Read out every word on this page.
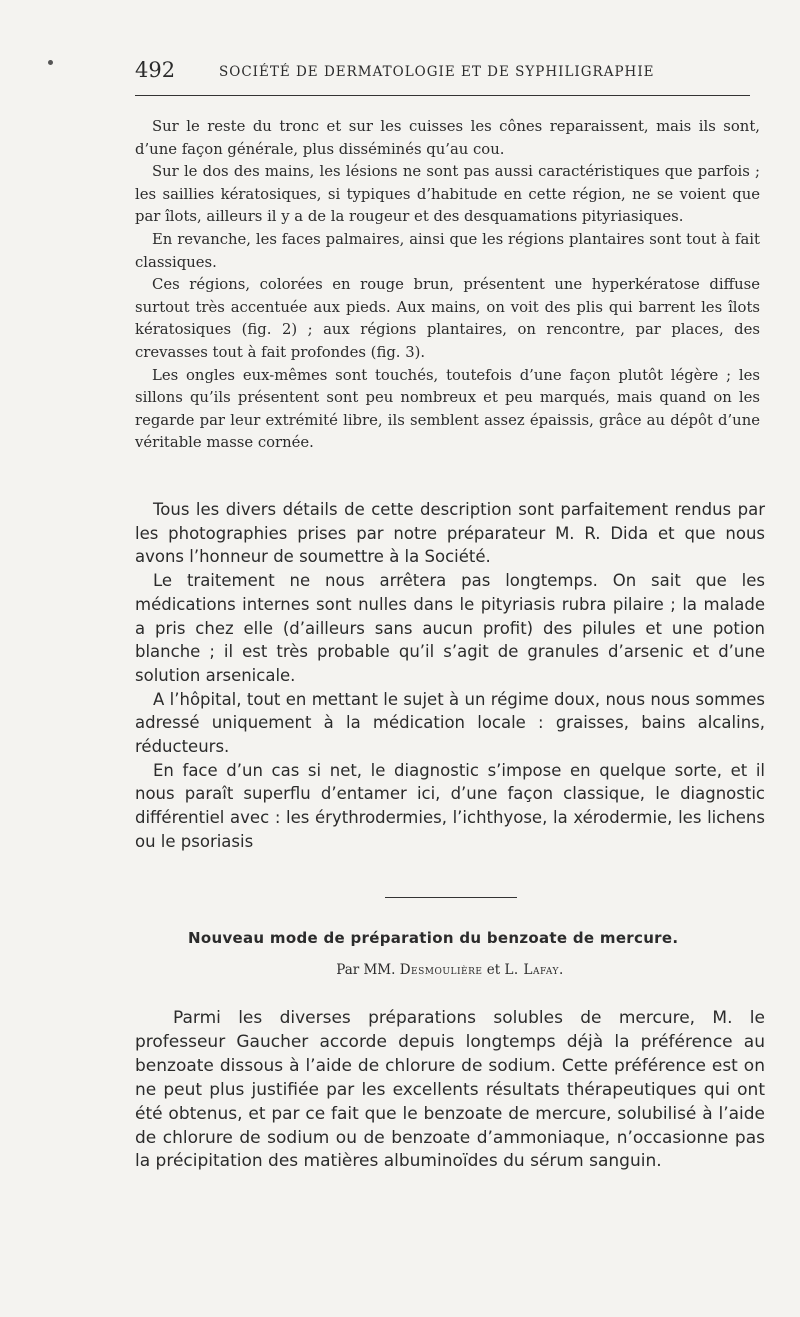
492	SOCIÉTÉ DE DERMATOLOGIE ET DE SYPHILIGRAPHIE

Sur le reste du tronc et sur les cuisses les cônes reparaissent, mais ils sont, d’une façon générale, plus disséminés qu’au cou.

Sur le dos des mains, les lésions ne sont pas aussi caractéristiques que parfois ; les saillies kératosiques, si typiques d’habitude en cette région, ne se voient que par îlots, ailleurs il y a de la rougeur et des desquamations pityriasiques.

En revanche, les faces palmaires, ainsi que les régions plantaires sont tout à fait classiques.

Ces régions, colorées en rouge brun, présentent une hyperkératose diffuse surtout très accentuée aux pieds. Aux mains, on voit des plis qui barrent les îlots kératosiques (fig. 2) ; aux régions plantaires, on rencontre, par places, des crevasses tout à fait profondes (fig. 3).

Les ongles eux-mêmes sont touchés, toutefois d’une façon plutôt légère ; les sillons qu’ils présentent sont peu nombreux et peu marqués, mais quand on les regarde par leur extrémité libre, ils semblent assez épaissis, grâce au dépôt d’une véritable masse cornée.

Tous les divers détails de cette description sont parfaitement rendus par les photographies prises par notre préparateur M. R. Dida et que nous avons l’honneur de soumettre à la Société.

Le traitement ne nous arrêtera pas longtemps. On sait que les médications internes sont nulles dans le pityriasis rubra pilaire ; la malade a pris chez elle (d’ailleurs sans aucun profit) des pilules et une potion blanche ; il est très probable qu’il s’agit de granules d’arsenic et d’une solution arsenicale.

A l’hôpital, tout en mettant le sujet à un régime doux, nous nous sommes adressé uniquement à la médication locale : graisses, bains alcalins, réducteurs.

En face d’un cas si net, le diagnostic s’impose en quelque sorte, et il nous paraît superflu d’entamer ici, d’une façon classique, le diagnostic différentiel avec : les érythrodermies, l’ichthyose, la xérodermie, les lichens ou le psoriasis

Nouveau mode de préparation du benzoate de mercure.
Par MM. Desmoulière et L. Lafay.

Parmi les diverses préparations solubles de mercure, M. le professeur Gaucher accorde depuis longtemps déjà la préférence au benzoate dissous à l’aide de chlorure de sodium. Cette préférence est on ne peut plus justifiée par les excellents résultats thérapeutiques qui ont été obtenus, et par ce fait que le benzoate de mercure, solubilisé à l’aide de chlorure de sodium ou de benzoate d’ammoniaque, n’occasionne pas la précipitation des matières albuminoïdes du sérum sanguin.
